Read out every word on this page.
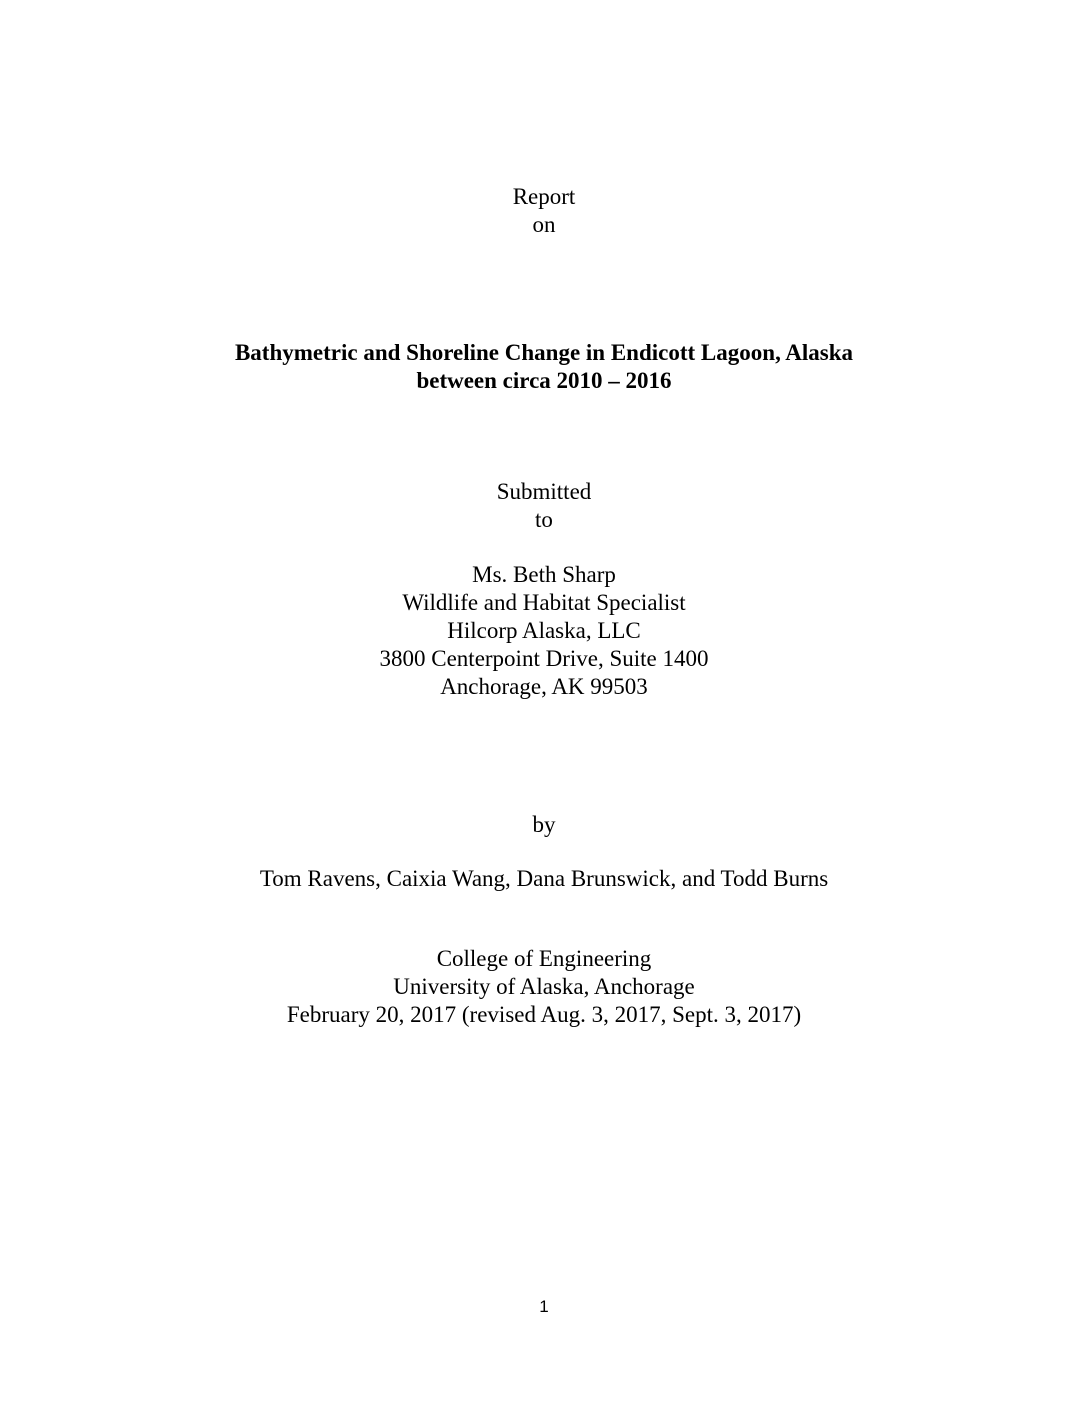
Report
on
Bathymetric and Shoreline Change in Endicott Lagoon, Alaska
between circa 2010 – 2016
Submitted
to
Ms. Beth Sharp
Wildlife and Habitat Specialist
Hilcorp Alaska, LLC
3800 Centerpoint Drive, Suite 1400
Anchorage, AK 99503
by
Tom Ravens, Caixia Wang, Dana Brunswick, and Todd Burns
College of Engineering
University of Alaska, Anchorage
February 20, 2017 (revised Aug. 3, 2017, Sept. 3, 2017)
1
